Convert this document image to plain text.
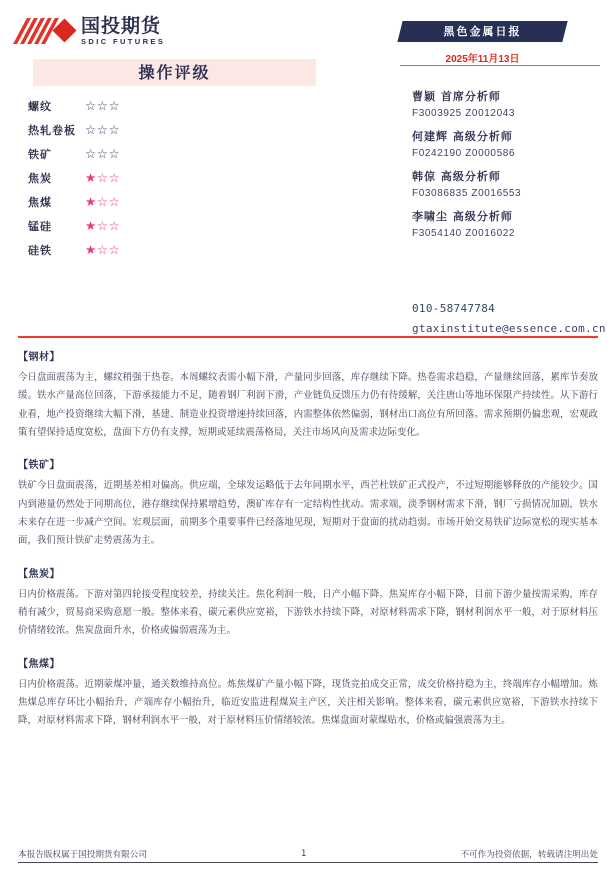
国投期货
SDIC FUTURES
操作评级
螺纹	☆☆☆
热轧卷板 ☆☆☆
铁矿	☆☆☆
焦炭	★☆☆
焦煤	★☆☆
锰硅	★☆☆
硅铁	★☆☆
黑色金属日报
2025年11月13日
曹颖 首席分析师
F3003925 Z0012043
何建辉 高级分析师
F0242190 Z0000586
韩倞 高级分析师
F03086835 Z0016553
李啸尘 高级分析师
F3054140 Z0016022
010-58747784
gtaxinstitute@essence.com.cn
【钢材】
今日盘面震荡为主，螺纹稍强于热卷。本周螺纹表需小幅下滑，产量同步回落，库存继续下降。热卷需求趋稳，产量继续回落，累库节奏放缓。铁水产量高位回落，下游承接能力不足，随着钢厂利润下滑，产业链负反馈压力仍有待缓解，关注唐山等地环保限产持续性。从下游行业看，地产投资继续大幅下滑，基建、制造业投资增速持续回落，内需整体依然偏弱，钢材出口高位有所回落。需求预期仍偏悲观，宏观政策有望保持适度宽松，盘面下方仍有支撑，短期或延续震荡格局，关注市场风向及需求边际变化。
【铁矿】
铁矿今日盘面震荡，近期基差相对偏高。供应端，全球发运略低于去年同期水平，西芒杜铁矿正式投产，不过短期能够释放的产能较少。国内到港量仍然处于同期高位，港存继续保持累增趋势，澳矿库存有一定结构性扰动。需求端，淡季钢材需求下滑，钢厂亏损情况加剧，铁水未来存在进一步减产空间。宏观层面，前期多个重要事件已经落地见现，短期对于盘面的扰动趋弱。市场开始交易铁矿边际宽松的现实基本面，我们预计铁矿走势震荡为主。
【焦炭】
日内价格震荡。下游对第四轮接受程度较差，持续关注。焦化利润一般，日产小幅下降。焦炭库存小幅下降，目前下游少量按需采购，库存稍有减少，贸易商采购意愿一般。整体来看，碳元素供应宽裕，下游铁水持续下降，对原材料需求下降，钢材利润水平一般，对于原材料压价情绪较浓。焦炭盘面升水，价格或偏弱震荡为主。
【焦煤】
日内价格震荡。近期蒙煤冲量，通关数维持高位。炼焦煤矿产量小幅下降，现货竞拍成交正常，成交价格持稳为主，终端库存小幅增加。炼焦煤总库存环比小幅抬升，产端库存小幅抬升，临近安监进程煤炭主产区，关注相关影响。整体来看，碳元素供应宽裕，下游铁水持续下降，对原材料需求下降，钢材利润水平一般，对于原材料压价情绪较浓。焦煤盘面对蒙煤贴水，价格或偏强震荡为主。
本报告版权属于国投期货有限公司	1	不可作为投资依据，转载请注明出处
